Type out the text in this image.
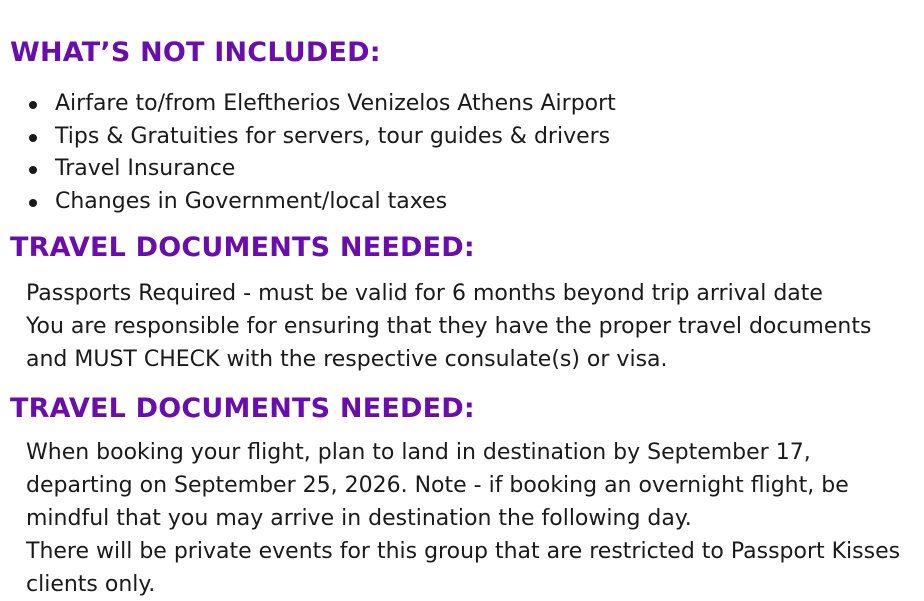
WHAT’S NOT INCLUDED:
Airfare to/from Eleftherios Venizelos Athens Airport
Tips & Gratuities for servers, tour guides & drivers
Travel Insurance
Changes in Government/local taxes
TRAVEL DOCUMENTS NEEDED:

Passports Required - must be valid for 6 months beyond trip arrival date

You are responsible for ensuring that they have the proper travel documents

and MUST CHECK with the respective consulate(s) or visa.

TRAVEL DOCUMENTS NEEDED:

When booking your flight, plan to land in destination by September 17,

departing on September 25, 2026. Note - if booking an overnight flight, be

mindful that you may arrive in destination the following day.

There will be private events for this group that are restricted to Passport Kisses

clients only.
